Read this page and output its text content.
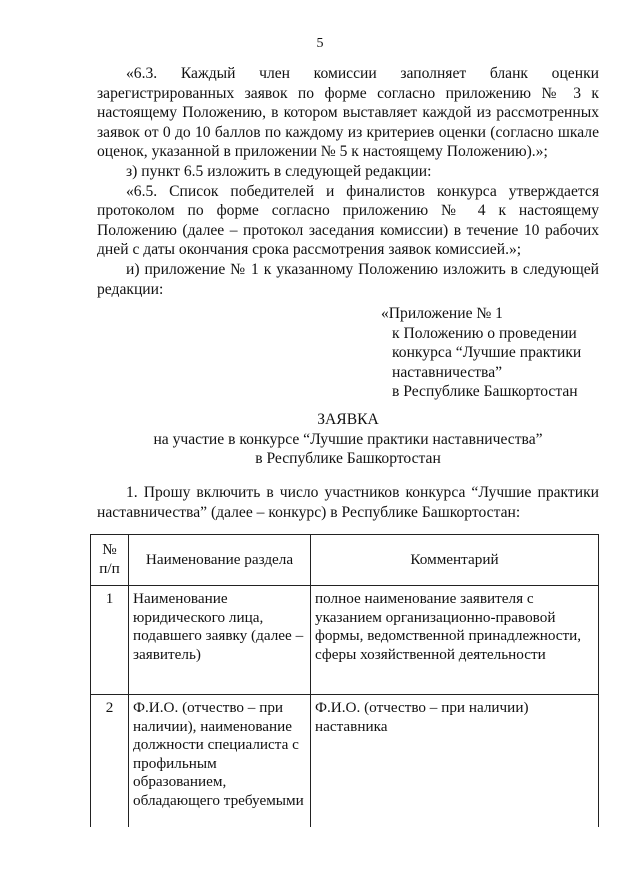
5

«6.3. Каждый член комиссии заполняет бланк оценки зарегистрированных заявок по форме согласно приложению № 3 к настоящему Положению, в котором выставляет каждой из рассмотренных заявок от 0 до 10 баллов по каждому из критериев оценки (согласно шкале оценок, указанной в приложении № 5 к настоящему Положению).»;

з) пункт 6.5 изложить в следующей редакции:

«6.5. Список победителей и финалистов конкурса утверждается протоколом по форме согласно приложению № 4 к настоящему Положению (далее – протокол заседания комиссии) в течение 10 рабочих дней с даты окончания срока рассмотрения заявок комиссией.»;

и) приложение № 1 к указанному Положению изложить в следующей редакции:

«Приложение № 1
к Положению о проведении
конкурса “Лучшие практики
наставничества”
в Республике Башкортостан
ЗАЯВКА
на участие в конкурсе “Лучшие практики наставничества”
в Республике Башкортостан

1. Прошу включить в число участников конкурса “Лучшие практики наставничества” (далее – конкурс) в Республике Башкортостан:

№ п/п	Наименование раздела	Комментарий
1	Наименование юридического лица, подавшего заявку (далее – заявитель)	полное наименование заявителя с указанием организационно-правовой формы, ведомственной принадлежности, сферы хозяйственной деятельности
2	Ф.И.О. (отчество – при наличии), наименование должности специалиста с профильным образованием, обладающего требуемыми	Ф.И.О. (отчество – при наличии) наставника
